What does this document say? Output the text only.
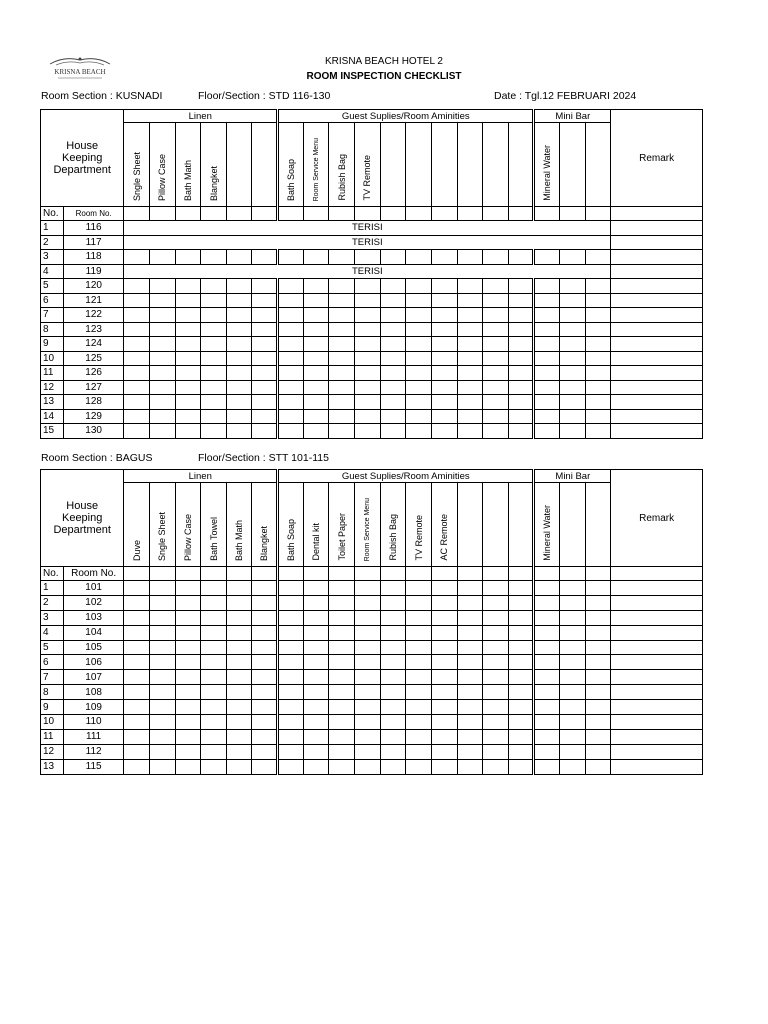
KRISNA BEACH
KRISNA BEACH HOTEL 2
ROOM INSPECTION CHECKLIST
Room Section : KUSNADI	Floor/Section : STD 116-130	Date : Tgl.12 FEBRUARI 2024
Room Section : BAGUS	Floor/Section : STT 101-115
House
Keeping
Department		Linen						Guest Suplies/Room Aminities										Mini Bar			Remark
		Sngle Sheet	Pillow Case	Bath Math	Blangket			Bath Soap	Room Service Menu	Rubish Bag	TV Remote							Mineral Water			
No.	Room No.																				
1	116	TERISI																			
2	117	TERISI																			
3	118																				
4	119	TERISI																			
5	120																				
6	121																				
7	122																				
8	123																				
9	124																				
10	125																				
11	126																				
12	127																				
13	128																				
14	129																				
15	130																				
House
Keeping
Department		Linen						Guest Suplies/Room Aminities										Mini Bar			Remark
		Duve	Sngle Sheet	Pillow Case	Bath Towel	Bath Math	Blangket	Bath Soap	Dental kit	Toilet Paper	Room Service Menu	Rubish Bag	TV Remote	AC Remote				Mineral Water			
No.	Room No.																				
1	101																				
2	102																				
3	103																				
4	104																				
5	105																				
6	106																				
7	107																				
8	108																				
9	109																				
10	110																				
11	111																				
12	112																				
13	115																				
